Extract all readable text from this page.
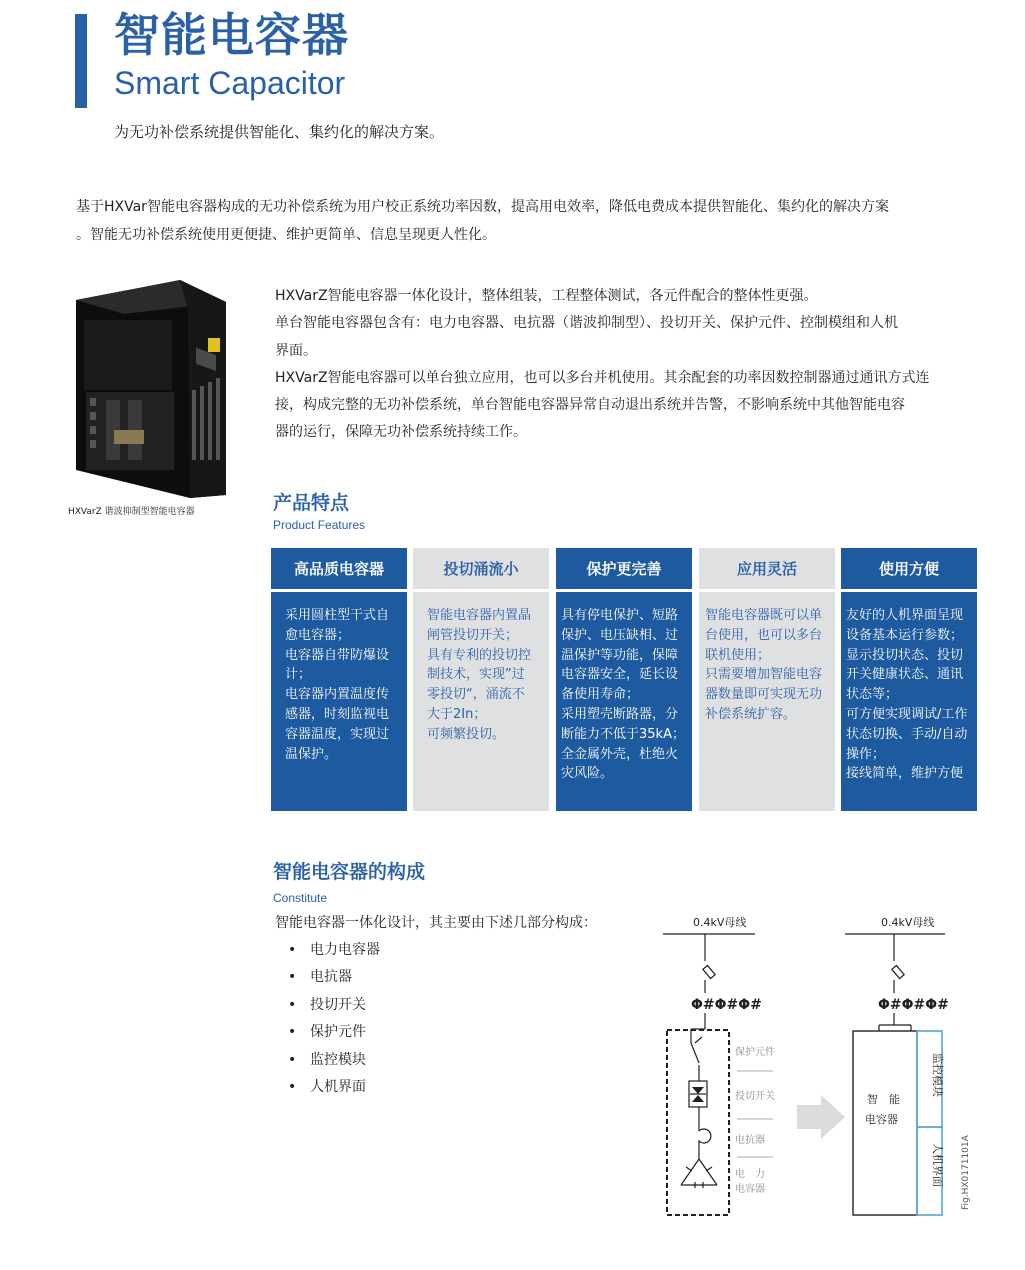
智能电容器
Smart Capacitor
为无功补偿系统提供智能化、集约化的解决方案。

基于HXVar智能电容器构成的无功补偿系统为用户校正系统功率因数，提高用电效率，降低电费成本提供智能化、集约化的解决方案

。智能无功补偿系统使用更便捷、维护更简单、信息呈现更人性化。

HXVarZ 谐波抑制型智能电容器

HXVarZ智能电容器一体化设计，整体组装，工程整体测试，各元件配合的整体性更强。

单台智能电容器包含有：电力电容器、电抗器（谐波抑制型）、投切开关、保护元件、控制模组和人机

界面。

HXVarZ智能电容器可以单台独立应用，也可以多台并机使用。其余配套的功率因数控制器通过通讯方式连

接，构成完整的无功补偿系统，单台智能电容器异常自动退出系统并告警，不影响系统中其他智能电容

器的运行，保障无功补偿系统持续工作。

产品特点
Product Features
高品质电容器

采用圆柱型干式自

愈电容器；

电容器自带防爆设

计；

电容器内置温度传

感器，时刻监视电

容器温度，实现过

温保护。

投切涌流小

智能电容器内置晶

闸管投切开关；

具有专利的投切控

制技术，实现”过

零投切“，涌流不

大于2In；

可频繁投切。

保护更完善

具有停电保护、短路

保护、电压缺相、过

温保护等功能，保障

电容器安全，延长设

备使用寿命；

采用塑壳断路器，分

断能力不低于35kA；

全金属外壳，杜绝火

灾风险。

应用灵活

智能电容器既可以单

台使用，也可以多台

联机使用；

只需要增加智能电容

器数量即可实现无功

补偿系统扩容。

使用方便

友好的人机界面呈现

设备基本运行参数；

显示投切状态、投切

开关健康状态、通讯

状态等；

可方便实现调试/工作

状态切换、手动/自动

操作；

接线简单，维护方便

智能电容器的构成
Constitute
智能电容器一体化设计，其主要由下述几部分构成：
• 电力电容器
• 电抗器
• 投切开关
• 保护元件
• 监控模块
• 人机界面
0.4kV母线
Φ#Φ#Φ#
保护元件
投切开关
电抗器
电　力
电容器
0.4kV母线
Φ#Φ#Φ#
智　能
电容器
监控模块
人机界面 Fig.HX0171101A
